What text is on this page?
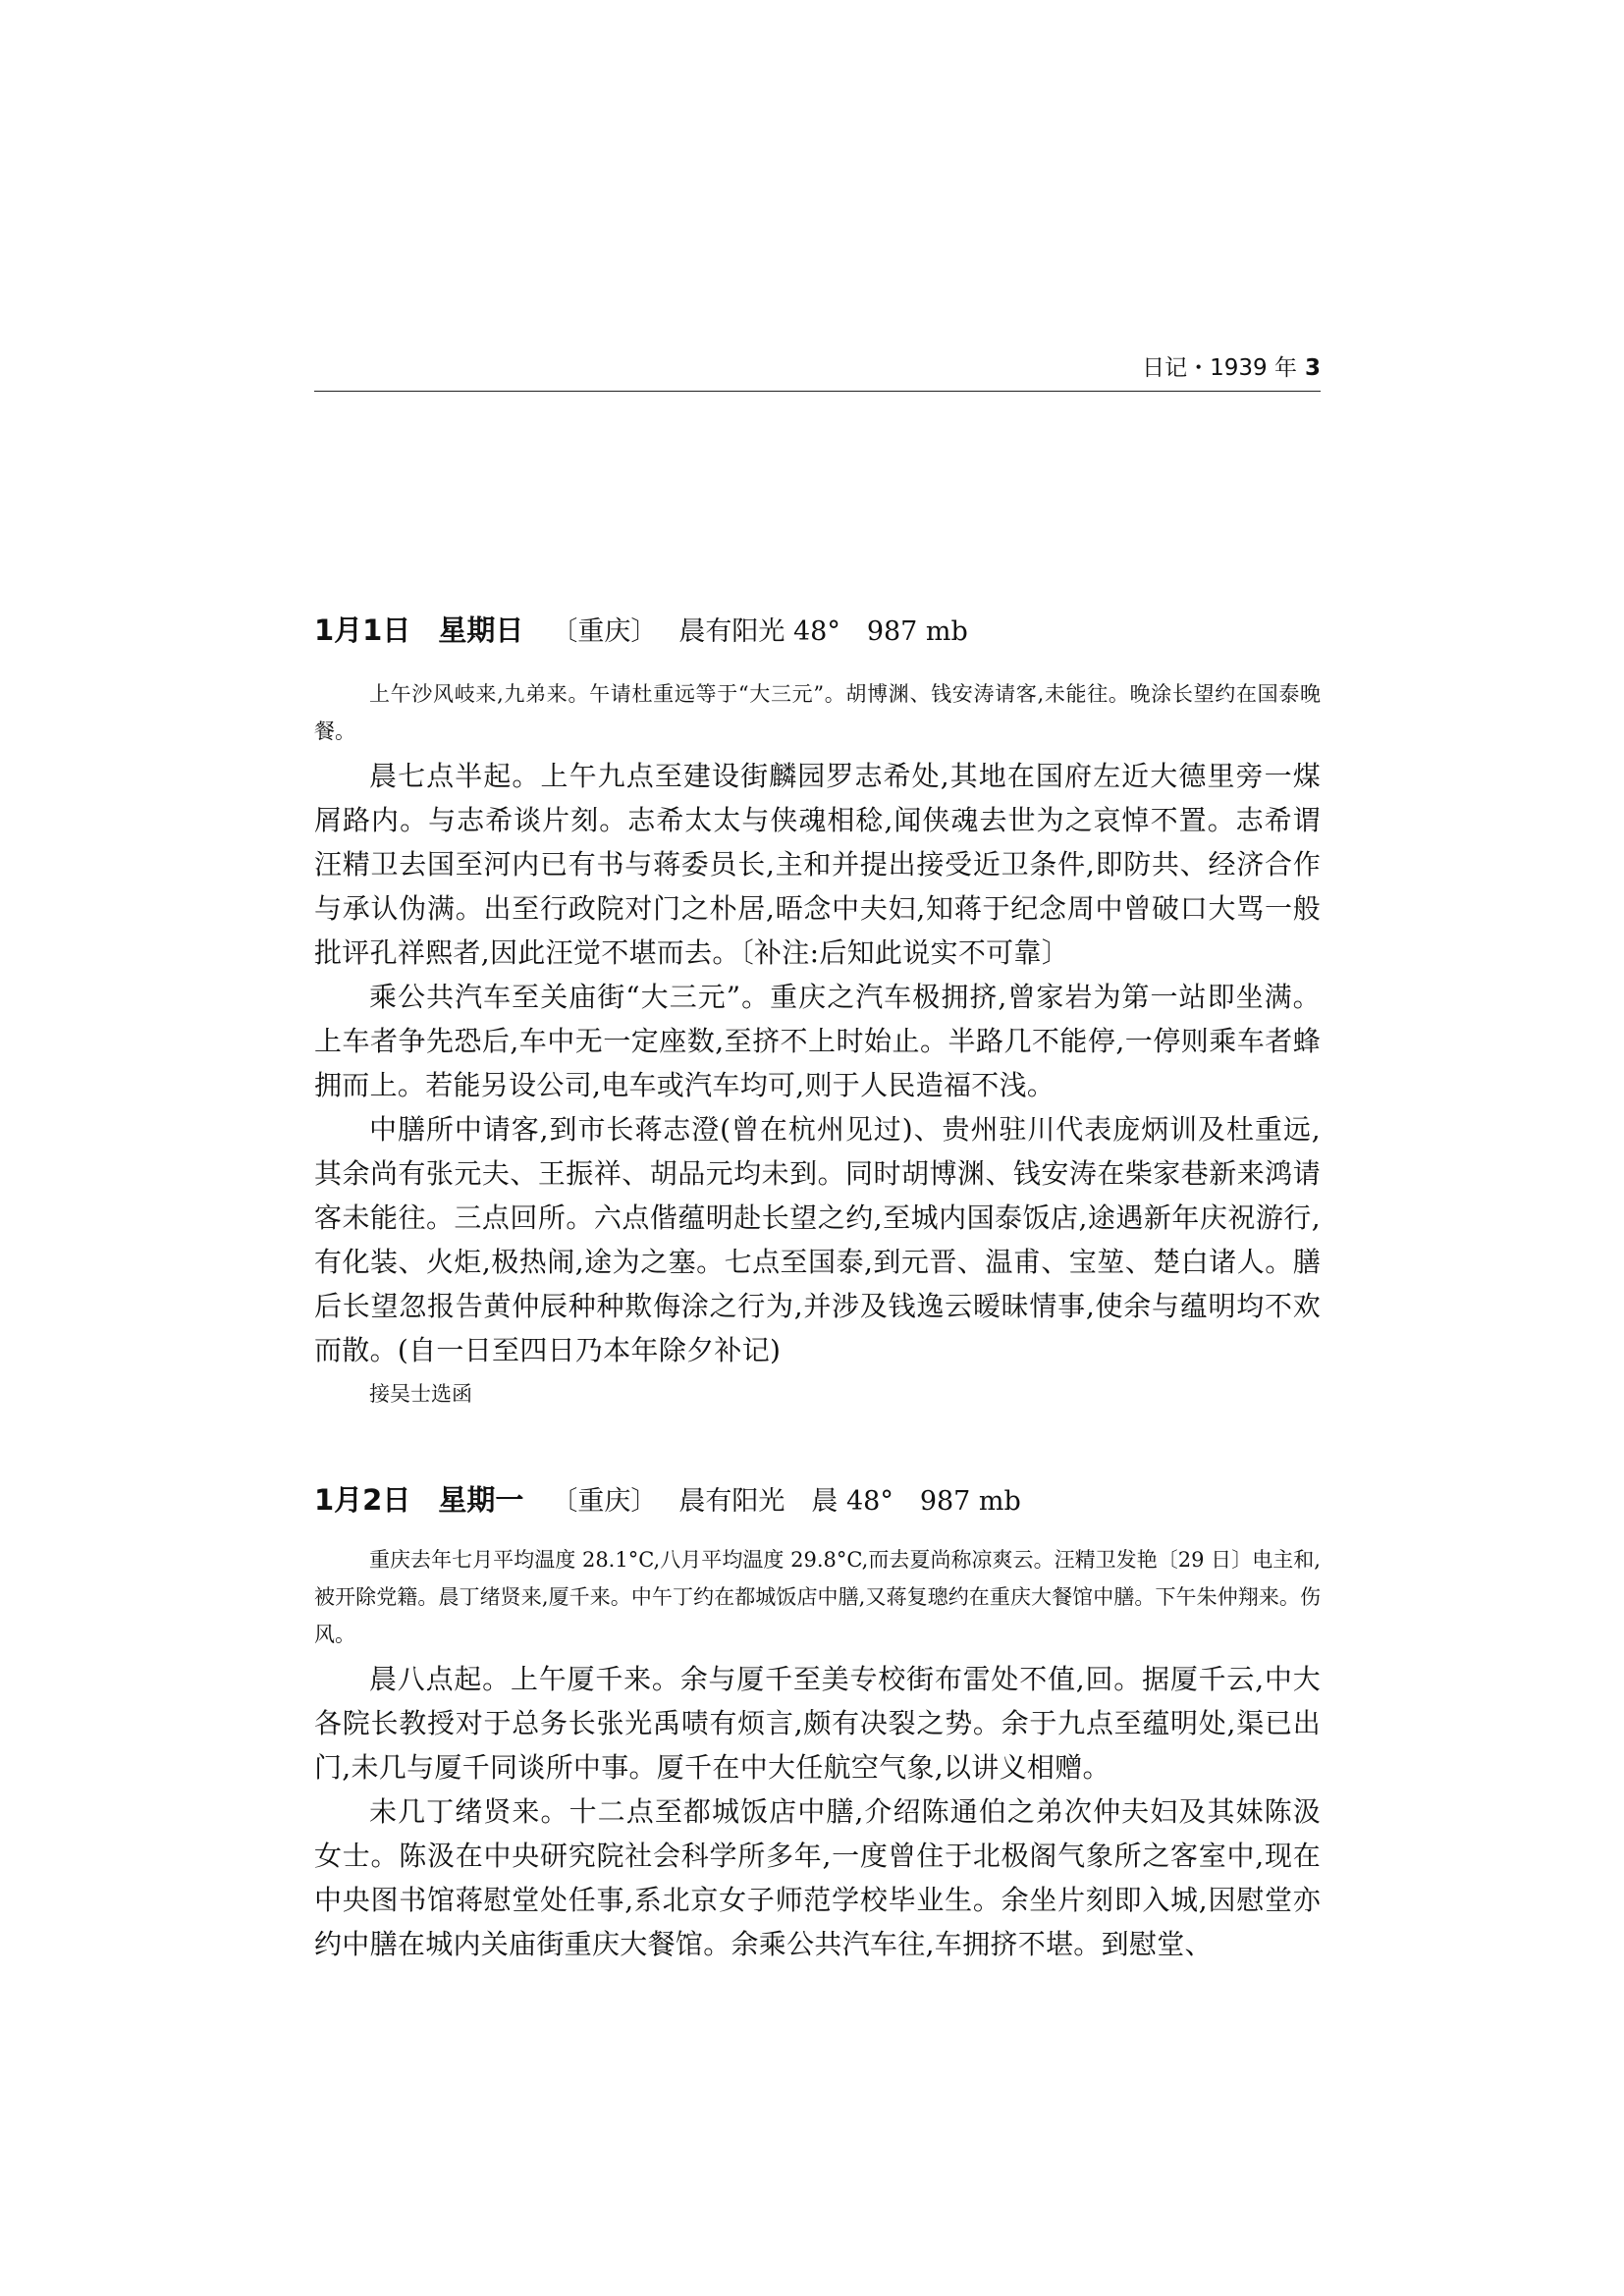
日记・1939 年 3
1月1日 星期日 〔重庆〕 晨有阳光 48°　987 mb

上午沙风岐来,九弟来。午请杜重远等于“大三元”。胡博渊、钱安涛请客,未能往。晚涂长望约在国泰晚餐。

晨七点半起。上午九点至建设街麟园罗志希处,其地在国府左近大德里旁一煤屑路内。与志希谈片刻。志希太太与侠魂相稔,闻侠魂去世为之哀悼不置。志希谓汪精卫去国至河内已有书与蒋委员长,主和并提出接受近卫条件,即防共、经济合作与承认伪满。出至行政院对门之朴居,晤念中夫妇,知蒋于纪念周中曾破口大骂一般批评孔祥熙者,因此汪觉不堪而去。〔补注:后知此说实不可靠〕

乘公共汽车至关庙街“大三元”。重庆之汽车极拥挤,曾家岩为第一站即坐满。上车者争先恐后,车中无一定座数,至挤不上时始止。半路几不能停,一停则乘车者蜂拥而上。若能另设公司,电车或汽车均可,则于人民造福不浅。

中膳所中请客,到市长蒋志澄(曾在杭州见过)、贵州驻川代表庞炳训及杜重远,其余尚有张元夫、王振祥、胡品元均未到。同时胡博渊、钱安涛在柴家巷新来鸿请客未能往。三点回所。六点偕蕴明赴长望之约,至城内国泰饭店,途遇新年庆祝游行,有化装、火炬,极热闹,途为之塞。七点至国泰,到元晋、温甫、宝堃、楚白诸人。膳后长望忽报告黄仲辰种种欺侮涂之行为,并涉及钱逸云暧昧情事,使余与蕴明均不欢而散。(自一日至四日乃本年除夕补记)

接吴士选函
1月2日 星期一 〔重庆〕 晨有阳光　晨 48°　987 mb

重庆去年七月平均温度 28.1°C,八月平均温度 29.8°C,而去夏尚称凉爽云。汪精卫发艳〔29 日〕电主和,被开除党籍。晨丁绪贤来,厦千来。中午丁约在都城饭店中膳,又蒋复璁约在重庆大餐馆中膳。下午朱仲翔来。伤风。

晨八点起。上午厦千来。余与厦千至美专校街布雷处不值,回。据厦千云,中大各院长教授对于总务长张光禹啧有烦言,颇有决裂之势。余于九点至蕴明处,渠已出门,未几与厦千同谈所中事。厦千在中大任航空气象,以讲义相赠。

未几丁绪贤来。十二点至都城饭店中膳,介绍陈通伯之弟次仲夫妇及其妹陈汲女士。陈汲在中央研究院社会科学所多年,一度曾住于北极阁气象所之客室中,现在中央图书馆蒋慰堂处任事,系北京女子师范学校毕业生。余坐片刻即入城,因慰堂亦约中膳在城内关庙街重庆大餐馆。余乘公共汽车往,车拥挤不堪。到慰堂、
